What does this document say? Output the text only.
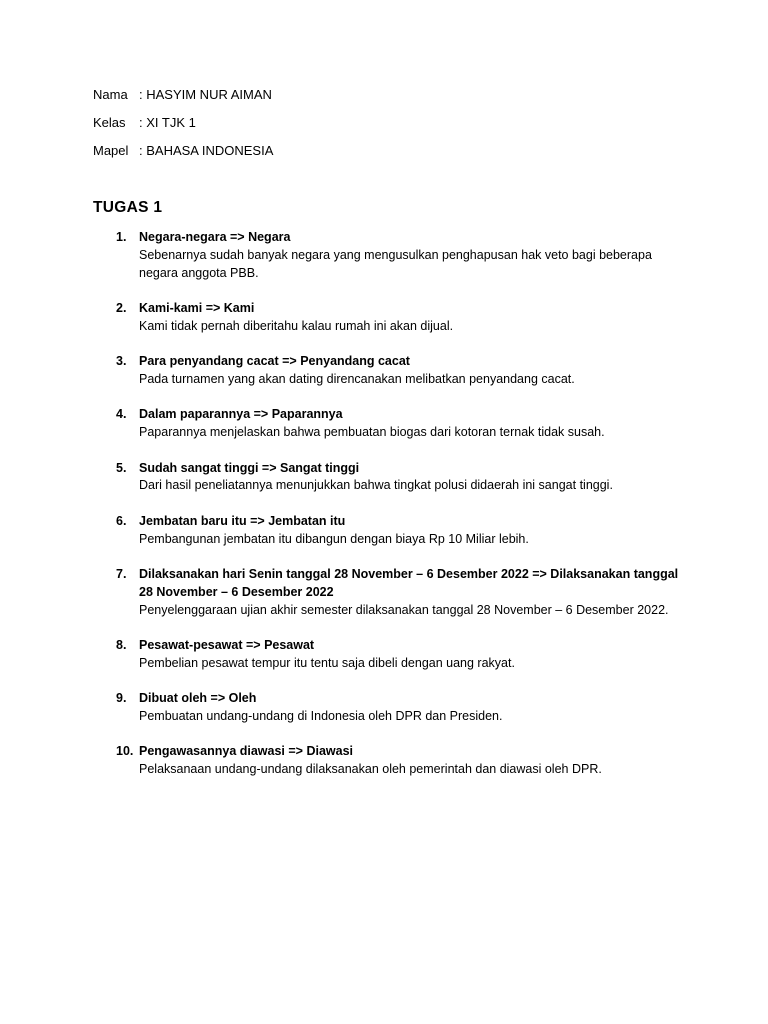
Nama : HASYIM NUR AIMAN
Kelas	: XI TJK 1
Mapel : BAHASA INDONESIA
TUGAS 1
1.	Negara-negara => Negara
Sebenarnya sudah banyak negara yang mengusulkan penghapusan hak veto bagi beberapa negara anggota PBB.
2.	Kami-kami => Kami
Kami tidak pernah diberitahu kalau rumah ini akan dijual.
3.	Para penyandang cacat => Penyandang cacat
Pada turnamen yang akan dating direncanakan melibatkan penyandang cacat.
4.	Dalam paparannya => Paparannya
Paparannya menjelaskan bahwa pembuatan biogas dari kotoran ternak tidak susah.
5.	Sudah sangat tinggi => Sangat tinggi
Dari hasil peneliatannya menunjukkan bahwa tingkat polusi didaerah ini sangat tinggi.
6.	Jembatan baru itu => Jembatan itu
Pembangunan jembatan itu dibangun dengan biaya Rp 10 Miliar lebih.
7.	Dilaksanakan hari Senin tanggal 28 November – 6 Desember 2022 => Dilaksanakan tanggal 28 November – 6 Desember 2022
Penyelenggaraan ujian akhir semester dilaksanakan tanggal 28 November – 6 Desember 2022.
8.	Pesawat-pesawat => Pesawat
Pembelian pesawat tempur itu tentu saja dibeli dengan uang rakyat.
9.	Dibuat oleh => Oleh
Pembuatan undang-undang di Indonesia oleh DPR dan Presiden.
10. Pengawasannya diawasi => Diawasi
Pelaksanaan undang-undang dilaksanakan oleh pemerintah dan diawasi oleh DPR.
